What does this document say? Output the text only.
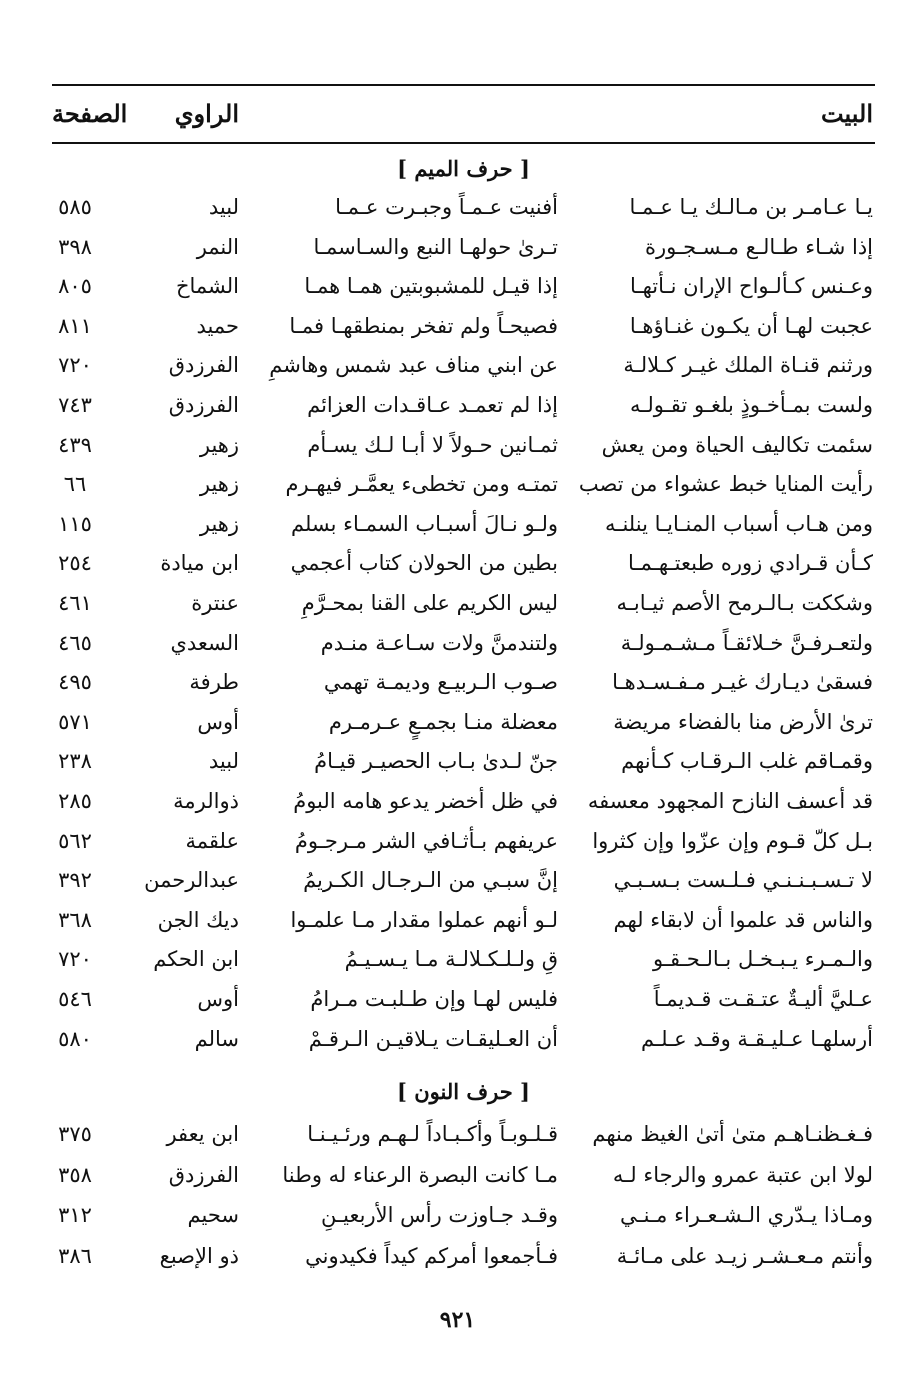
البيت
الراوي
الصفحة
[ حرف الميم ]
يـا عـامـر بن مـالـك يـا عـمـا
أفنيت عـمـاً وجبـرت عـمـا
لبيد
٥٨٥
إذا شـاء طـالـع مـسـجـورة
تـرىٰ حولهـا النبع والسـاسمـا
النمر
٣٩٨
وعـنس كـألـواح الإران نـأتهـا
إذا قيـل للمشبوبتين همـا همـا
الشماخ
٨٠٥
عجبت لهـا أن يكـون غنـاؤهـا
فصيحـاً ولم تفخر بمنطقهـا فمـا
حميد
٨١١
ورثنم قنـاة الملك غيـر كـلالـة
عن ابني مناف عبد شمس وهاشمِ
الفرزدق
٧٢٠
ولست بمـأخـوذٍ بلغـو تقـولـه
إذا لم تعمـد عـاقـدات العزائم
الفرزدق
٧٤٣
سئمت تكاليف الحياة ومن يعش
ثمـانين حـولاً لا أبـا لـك يسـأم
زهير
٤٣٩
رأيت المنايا خبط عشواء من تصب
تمتـه ومن تخطىء يعمَّـر فيهـرم
زهير
٦٦
ومن هـاب أسباب المنـايـا ينلنـه
ولـو نـالَ أسبـاب السمـاء بسلم
زهير
١١٥
كـأن قـرادي زوره طبعتـهـمـا
بطين من الحولان كتاب أعجمي
ابن ميادة
٢٥٤
وشككت بـالـرمح الأصم ثيـابـه
ليس الكريم على القنا بمحـرَّمِ
عنترة
٤٦١
ولتعـرفـنَّ خـلائقـاً مـشـمـولـة
ولتندمنَّ ولات سـاعـة منـدم
السعدي
٤٦٥
فسقىٰ ديـارك غيـر مـفـسـدهـا
صـوب الـربيـع وديمـة تهمي
طرفة
٤٩٥
ترىٰ الأرض منا بالفضاء مريضة
معضلة منـا بجمـعٍ عـرمـرم
أوس
٥٧١
وقمـاقم غلب الـرقـاب كـأنهم
جنّ لـدىٰ بـاب الحصيـر قيـامُ
لبيد
٢٣٨
قد أعسف النازح المجهود معسفه
في ظل أخضر يدعو هامه البومُ
ذوالرمة
٢٨٥
بـل كلّ قـوم وإن عزّوا وإن كثروا
عريفهم بـأثـافي الشر مـرجـومُ
علقمة
٥٦٢
لا تـسـبـنـنـي فـلـست بـسـبـي
إنَّ سبـي من الـرجـال الكـريمُ
عبدالرحمن
٣٩٢
والناس قد علموا أن لابقاء لهم
لـو أنهم عملوا مقدار مـا علمـوا
ديك الجن
٣٦٨
والـمـرء يـبـخـل بـالـحـقـو
قِ ولـلـكـلالـة مـا يـسـيـمُ
ابن الحكم
٧٢٠
عـليَّ أليـةٌ عتـقـت قـديمـاً
فليس لهـا وإن طـلبـت مـرامُ
أوس
٥٤٦
أرسلهـا عـليـقـة وقـد عـلـم
أن العـليقـات يـلاقيـن الـرقـمْ
سالم
٥٨٠
[ حرف النون ]
فـغـظنـاهـم متىٰ أتىٰ الغيظ منهم
قـلـوبـاً وأكـبـاداً لـهـم ورئـيـنـا
ابن يعفر
٣٧٥
لولا ابن عتبة عمرو والرجاء لـه
مـا كانت البصرة الرعناء له وطنا
الفرزدق
٣٥٨
ومـاذا يـدّري الـشـعـراء مـنـي
وقـد جـاوزت رأس الأربعيـنِ
سحيم
٣١٢
وأنتم مـعـشـر زيـد على مـائـة
فـأجمعوا أمركم كيداً فكيدوني
ذو الإصبع
٣٨٦
٩٢١
